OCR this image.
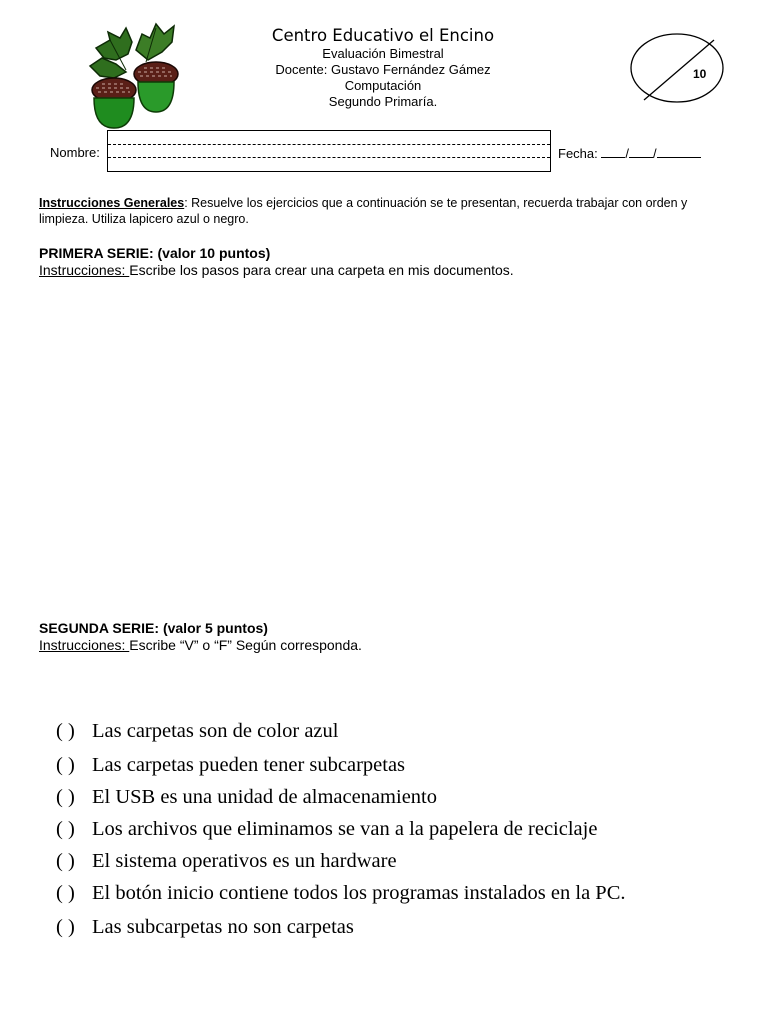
Centro Educativo el Encino
Evaluación Bimestral
Docente: Gustavo Fernández Gámez
Computación
Segundo Primaría.
10
Nombre:	Fecha: / /
Instrucciones Generales: Resuelve los ejercicios que a continuación se te presentan, recuerda trabajar con orden y limpieza. Utiliza lapicero azul o negro.
PRIMERA SERIE: (valor 10 puntos)
Instrucciones: Escribe los pasos para crear una carpeta en mis documentos.
SEGUNDA SERIE: (valor 5 puntos)
Instrucciones: Escribe “V” o “F” Según corresponda.
( ) Las carpetas son de color azul
( ) Las carpetas pueden tener subcarpetas
( ) El USB es una unidad de almacenamiento
( ) Los archivos que eliminamos se van a la papelera de reciclaje
( ) El sistema operativos es un hardware
( ) El botón inicio contiene todos los programas instalados en la PC.
( ) Las subcarpetas no son carpetas
